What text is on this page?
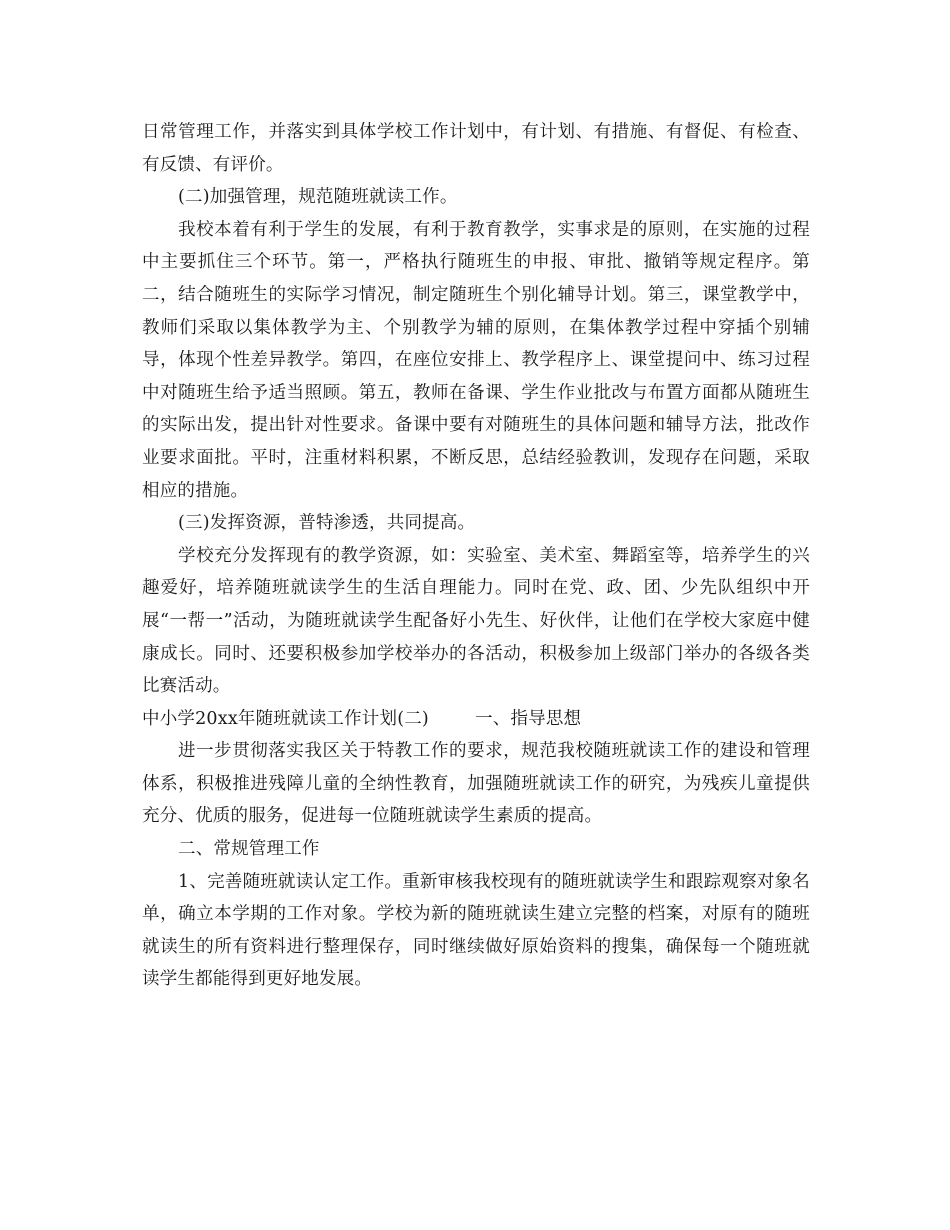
日常管理工作，并落实到具体学校工作计划中，有计划、有措施、有督促、有检查、有反馈、有评价。

(二)加强管理，规范随班就读工作。

我校本着有利于学生的发展，有利于教育教学，实事求是的原则，在实施的过程中主要抓住三个环节。第一，严格执行随班生的申报、审批、撤销等规定程序。第二，结合随班生的实际学习情况，制定随班生个别化辅导计划。第三，课堂教学中，教师们采取以集体教学为主、个别教学为辅的原则，在集体教学过程中穿插个别辅导，体现个性差异教学。第四，在座位安排上、教学程序上、课堂提问中、练习过程中对随班生给予适当照顾。第五，教师在备课、学生作业批改与布置方面都从随班生的实际出发，提出针对性要求。备课中要有对随班生的具体问题和辅导方法，批改作业要求面批。平时，注重材料积累，不断反思，总结经验教训，发现存在问题，采取相应的措施。

(三)发挥资源，普特渗透，共同提高。

学校充分发挥现有的教学资源，如：实验室、美术室、舞蹈室等，培养学生的兴趣爱好，培养随班就读学生的生活自理能力。同时在党、政、团、少先队组织中开展“一帮一”活动，为随班就读学生配备好小先生、好伙伴，让他们在学校大家庭中健康成长。同时、还要积极参加学校举办的各活动，积极参加上级部门举办的各级各类比赛活动。

中小学20xx年随班就读工作计划(二)        一、指导思想

进一步贯彻落实我区关于特教工作的要求，规范我校随班就读工作的建设和管理体系，积极推进残障儿童的全纳性教育，加强随班就读工作的研究，为残疾儿童提供充分、优质的服务，促进每一位随班就读学生素质的提高。

二、常规管理工作

1、完善随班就读认定工作。重新审核我校现有的随班就读学生和跟踪观察对象名单，确立本学期的工作对象。学校为新的随班就读生建立完整的档案，对原有的随班就读生的所有资料进行整理保存，同时继续做好原始资料的搜集，确保每一个随班就读学生都能得到更好地发展。
